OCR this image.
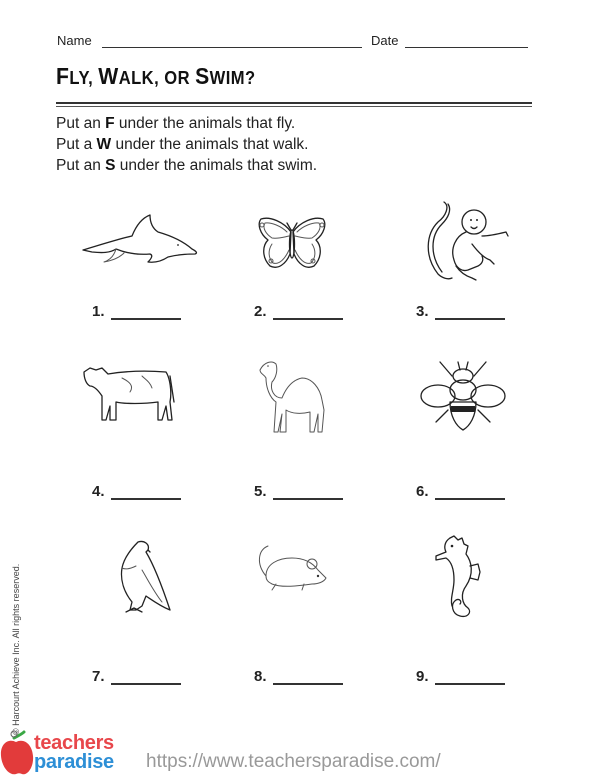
Name	Date
FLY, WALK, OR SWIM?
Put an F under the animals that fly.
Put a W under the animals that walk.
Put an S under the animals that swim.
1.	2.	3.
4.	5.	6.
7.	8.	9.
© Harcourt Achieve Inc. All rights reserved.
teachers
paradise https://www.teachersparadise.com/
